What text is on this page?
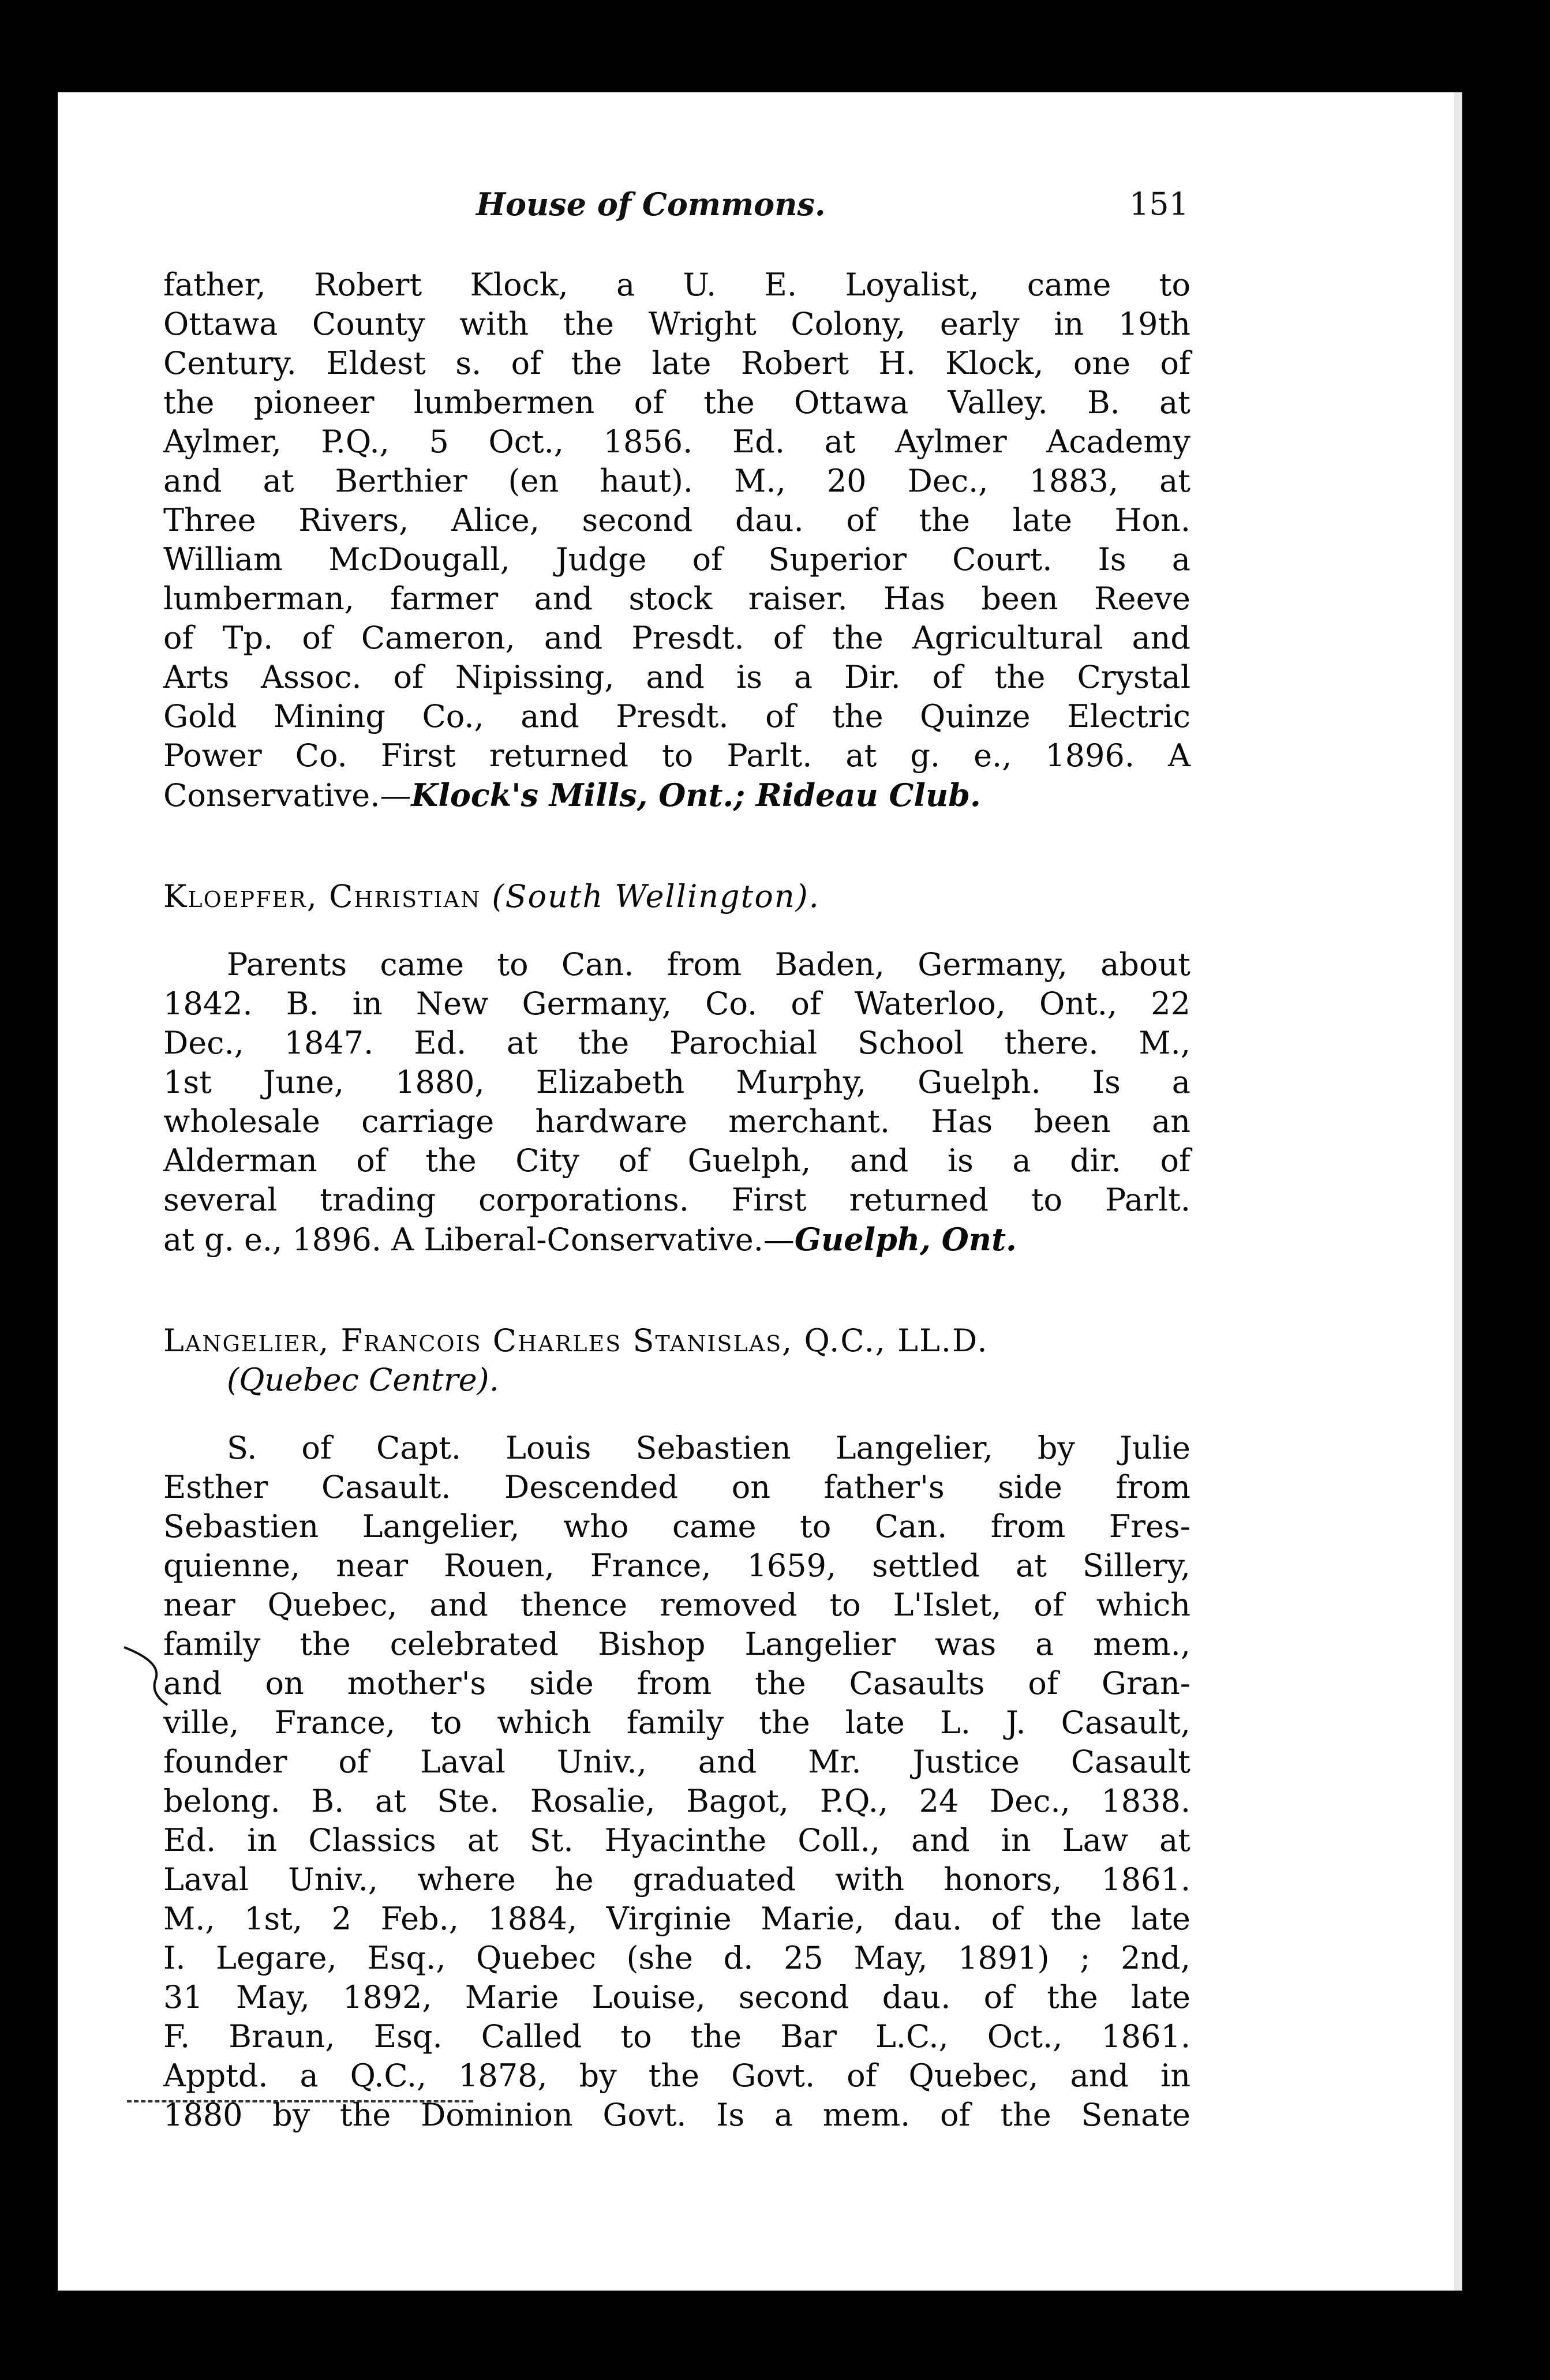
House of Commons.	151
father, Robert Klock, a U. E. Loyalist, came to
Ottawa County with the Wright Colony, early in 19th
Century. Eldest s. of the late Robert H. Klock, one of
the pioneer lumbermen of the Ottawa Valley. B. at
Aylmer, P.Q., 5 Oct., 1856. Ed. at Aylmer Academy
and at Berthier (en haut). M., 20 Dec., 1883, at
Three Rivers, Alice, second dau. of the late Hon.
William McDougall, Judge of Superior Court. Is a
lumberman, farmer and stock raiser. Has been Reeve
of Tp. of Cameron, and Presdt. of the Agricultural and
Arts Assoc. of Nipissing, and is a Dir. of the Crystal
Gold Mining Co., and Presdt. of the Quinze Electric
Power Co. First returned to Parlt. at g. e., 1896. A
Conservative.—Klock's Mills, Ont.; Rideau Club.
Kloepfer, Christian (South Wellington).
Parents came to Can. from Baden, Germany, about
1842. B. in New Germany, Co. of Waterloo, Ont., 22
Dec., 1847. Ed. at the Parochial School there. M.,
1st June, 1880, Elizabeth Murphy, Guelph. Is a
wholesale carriage hardware merchant. Has been an
Alderman of the City of Guelph, and is a dir. of
several trading corporations. First returned to Parlt.
at g. e., 1896. A Liberal-Conservative.—Guelph, Ont.
Langelier, Francois Charles Stanislas, Q.C., LL.D.
(Quebec Centre).
S. of Capt. Louis Sebastien Langelier, by Julie
Esther Casault. Descended on father's side from
Sebastien Langelier, who came to Can. from Fres-
quienne, near Rouen, France, 1659, settled at Sillery,
near Quebec, and thence removed to L'Islet, of which
family the celebrated Bishop Langelier was a mem.,
and on mother's side from the Casaults of Gran-
ville, France, to which family the late L. J. Casault,
founder of Laval Univ., and Mr. Justice Casault
belong. B. at Ste. Rosalie, Bagot, P.Q., 24 Dec., 1838.
Ed. in Classics at St. Hyacinthe Coll., and in Law at
Laval Univ., where he graduated with honors, 1861.
M., 1st, 2 Feb., 1884, Virginie Marie, dau. of the late
I. Legare, Esq., Quebec (she d. 25 May, 1891) ; 2nd,
31 May, 1892, Marie Louise, second dau. of the late
F. Braun, Esq. Called to the Bar L.C., Oct., 1861.
Apptd. a Q.C., 1878, by the Govt. of Quebec, and in
1880 by the Dominion Govt. Is a mem. of the Senate
